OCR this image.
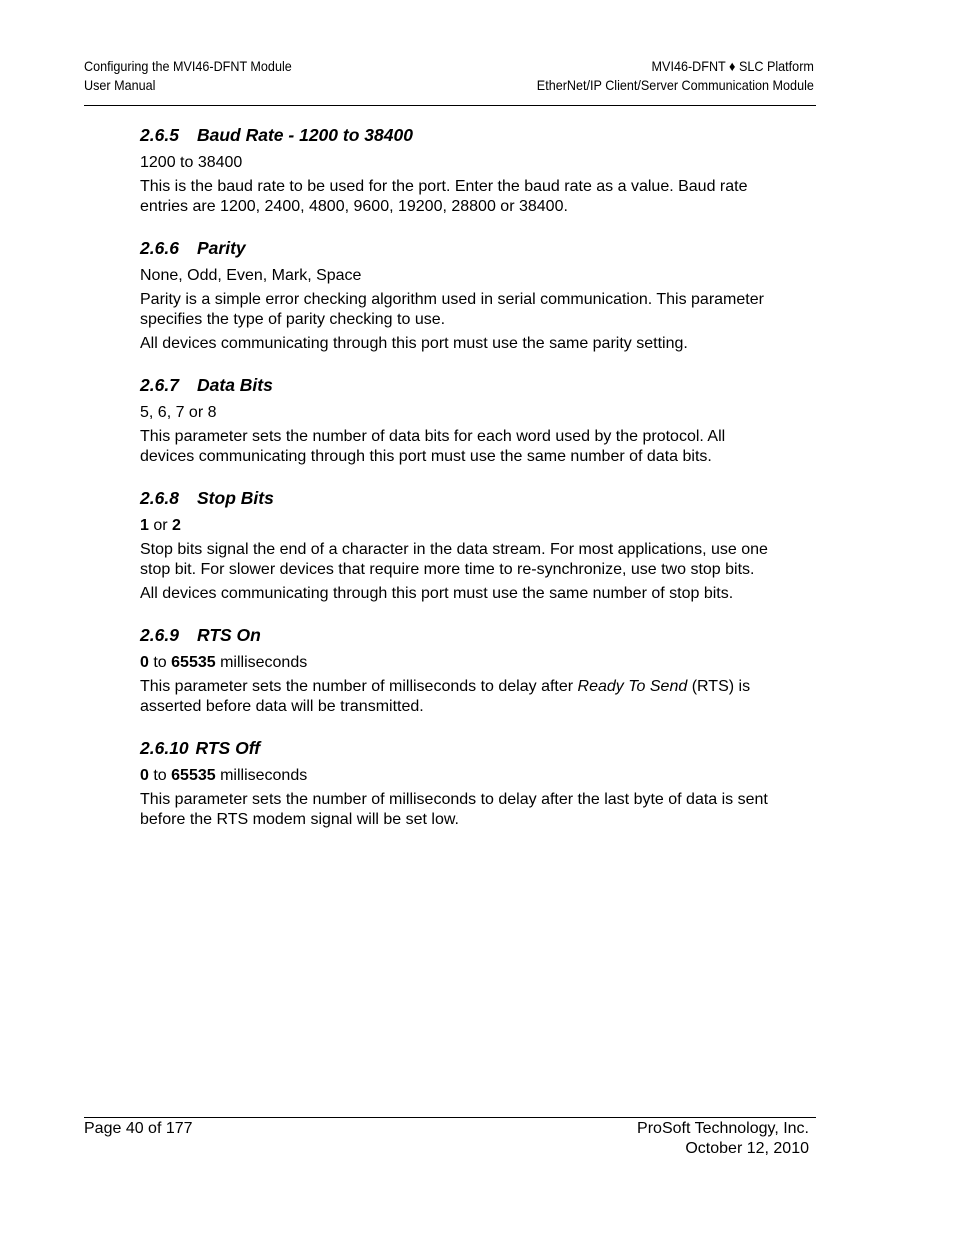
Configuring the MVI46-DFNT Module
User Manual
MVI46-DFNT ♦ SLC Platform
EtherNet/IP Client/Server Communication Module
2.6.5 Baud Rate - 1200 to 38400

1200 to 38400

This is the baud rate to be used for the port. Enter the baud rate as a value. Baud rate entries are 1200, 2400, 4800, 9600, 19200, 28800 or 38400.

2.6.6 Parity

None, Odd, Even, Mark, Space

Parity is a simple error checking algorithm used in serial communication. This parameter specifies the type of parity checking to use.

All devices communicating through this port must use the same parity setting.

2.6.7 Data Bits

5, 6, 7 or 8

This parameter sets the number of data bits for each word used by the protocol. All devices communicating through this port must use the same number of data bits.

2.6.8 Stop Bits

1 or 2

Stop bits signal the end of a character in the data stream. For most applications, use one stop bit. For slower devices that require more time to re-synchronize, use two stop bits.

All devices communicating through this port must use the same number of stop bits.

2.6.9 RTS On

0 to 65535 milliseconds

This parameter sets the number of milliseconds to delay after Ready To Send (RTS) is asserted before data will be transmitted.

2.6.10 RTS Off

0 to 65535 milliseconds

This parameter sets the number of milliseconds to delay after the last byte of data is sent before the RTS modem signal will be set low.

Page 40 of 177	ProSoft Technology, Inc.
October 12, 2010
